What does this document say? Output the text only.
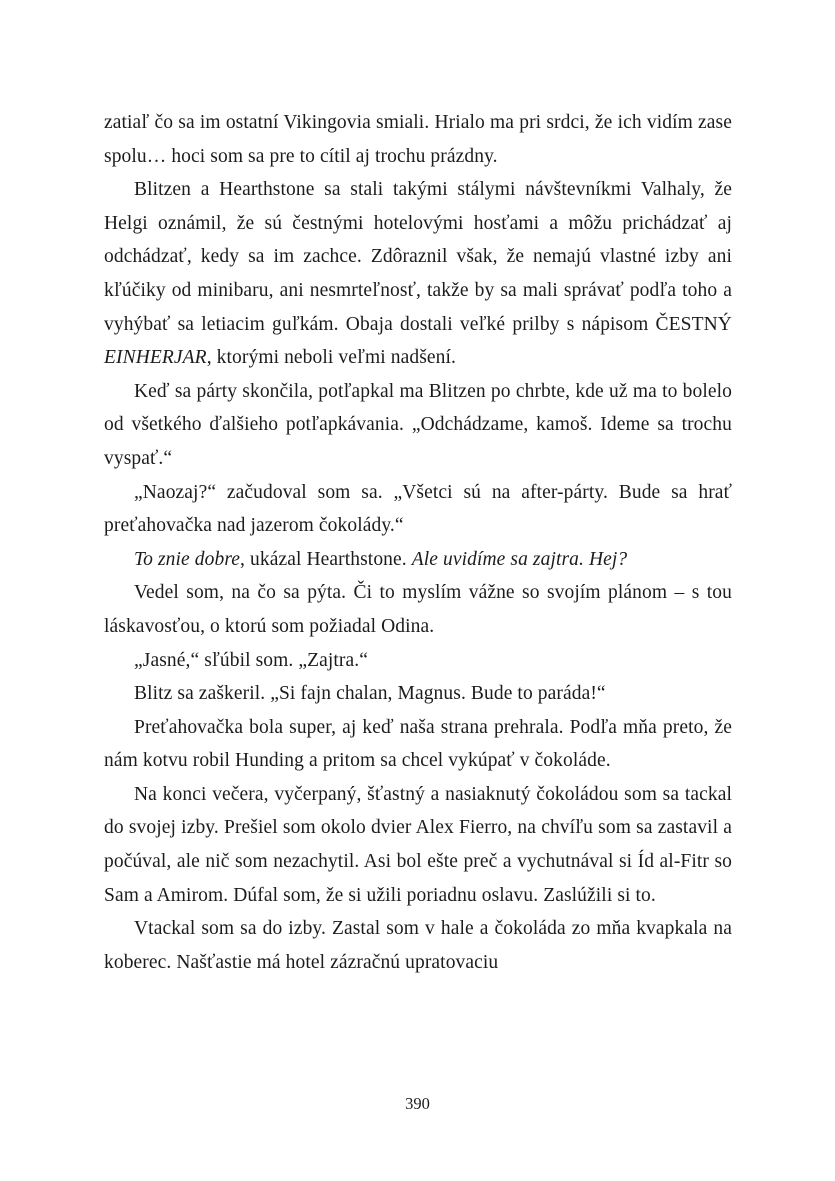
zatiaľ čo sa im ostatní Vikingovia smiali. Hrialo ma pri srdci, že ich vidím zase spolu… hoci som sa pre to cítil aj trochu prázdny.

Blitzen a Hearthstone sa stali takými stálymi návštevníkmi Valhaly, že Helgi oznámil, že sú čestnými hotelovými hosťami a môžu prichádzať aj odchádzať, kedy sa im zachce. Zdôraznil však, že nemajú vlastné izby ani kľúčiky od minibaru, ani nesmrteľnosť, takže by sa mali správať podľa toho a vyhýbať sa letiacim guľkám. Obaja dostali veľké prilby s nápisom ČESTNÝ EINHERJAR, ktorými neboli veľmi nadšení.

Keď sa párty skončila, potľapkal ma Blitzen po chrbte, kde už ma to bolelo od všetkého ďalšieho potľapkávania. „Odchádzame, kamoš. Ideme sa trochu vyspať.“

„Naozaj?“ začudoval som sa. „Všetci sú na after-párty. Bude sa hrať preťahovačka nad jazerom čokolády.“

To znie dobre, ukázal Hearthstone. Ale uvidíme sa zajtra. Hej?

Vedel som, na čo sa pýta. Či to myslím vážne so svojím plánom – s tou láskavosťou, o ktorú som požiadal Odina.

„Jasné,“ sľúbil som. „Zajtra.“

Blitz sa zaškeril. „Si fajn chalan, Magnus. Bude to paráda!“

Preťahovačka bola super, aj keď naša strana prehrala. Podľa mňa preto, že nám kotvu robil Hunding a pritom sa chcel vykúpať v čokoláde.

Na konci večera, vyčerpaný, šťastný a nasiaknutý čokoládou som sa tackal do svojej izby. Prešiel som okolo dvier Alex Fierro, na chvíľu som sa zastavil a počúval, ale nič som nezachytil. Asi bol ešte preč a vychutnával si Íd al-Fitr so Sam a Amirom. Dúfal som, že si užili poriadnu oslavu. Zaslúžili si to.

Vtackal som sa do izby. Zastal som v hale a čokoláda zo mňa kvapkala na koberec. Našťastie má hotel zázračnú upratovaciu

390
